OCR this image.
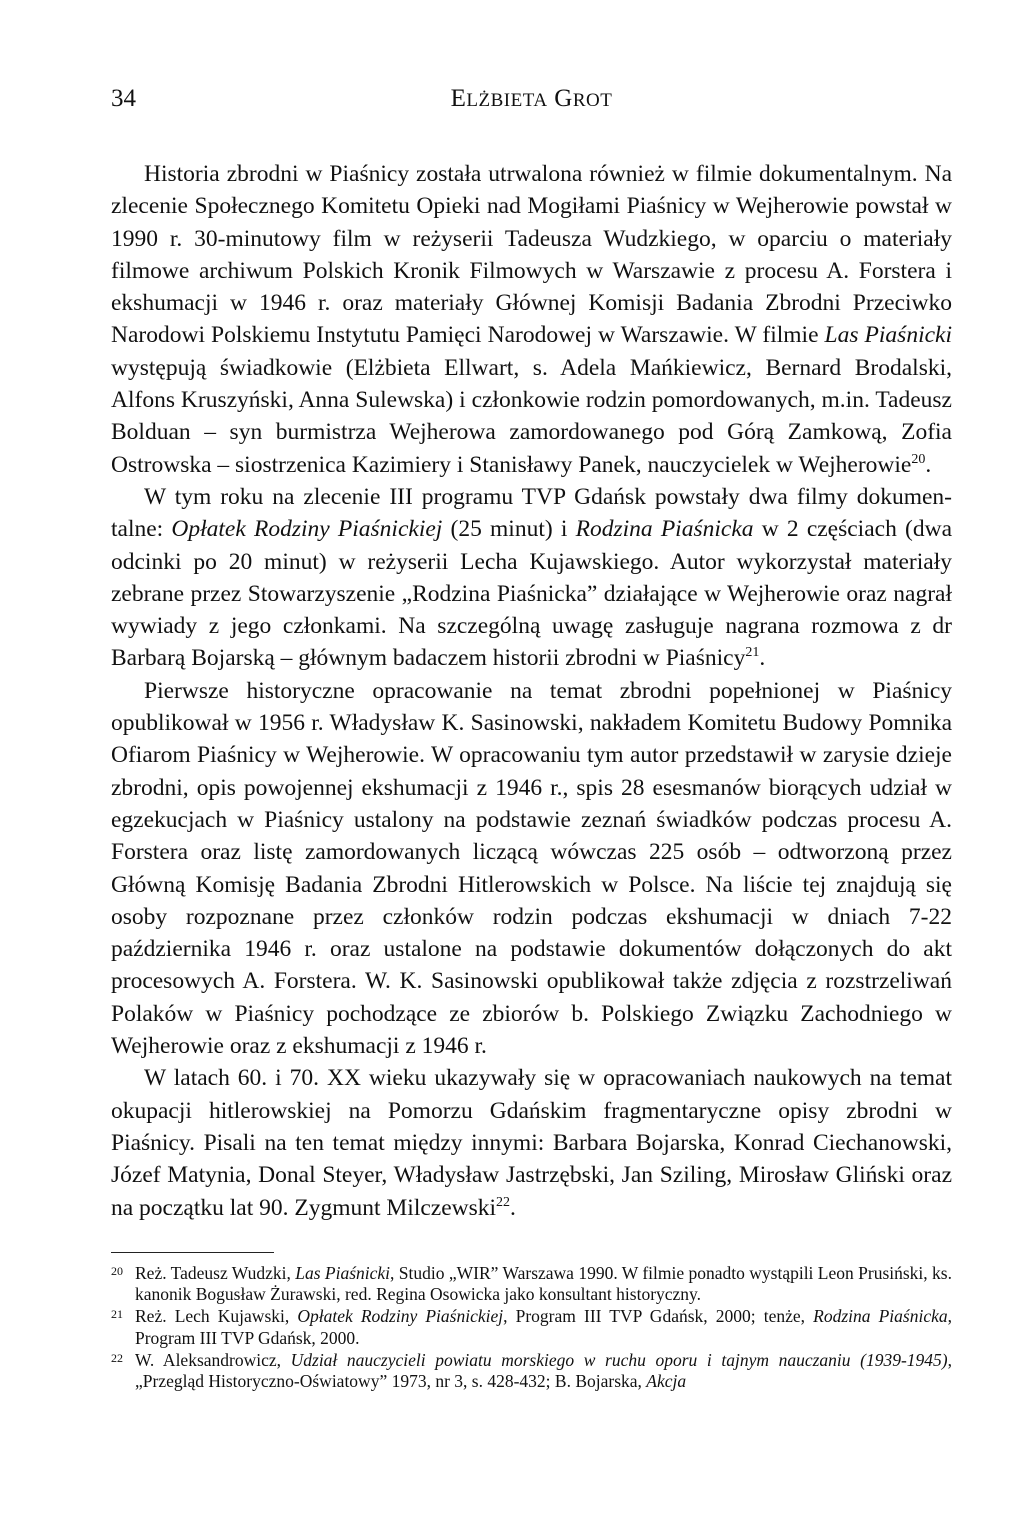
34	ELŻBIETA GROT

Historia zbrodni w Piaśnicy została utrwalona również w filmie dokumentalnym. Na zlecenie Społecznego Komitetu Opieki nad Mogiłami Piaśnicy w Wejherowie powstał w 1990 r. 30-minutowy film w reżyserii Tadeusza Wudzkiego, w oparciu o materiały filmowe archiwum Polskich Kronik Filmowych w Warszawie z procesu A. Forstera i ekshumacji w 1946 r. oraz materiały Głównej Komisji Badania Zbrodni Przeciwko Narodowi Polskiemu Instytutu Pamięci Narodowej w Warszawie. W filmie Las Piaśnicki występują świadkowie (Elżbieta Ellwart, s. Adela Mańkiewicz, Bernard Brodalski, Alfons Kruszyński, Anna Sulewska) i członkowie rodzin pomordowanych, m.in. Tadeusz Bolduan – syn burmistrza Wejherowa zamordowanego pod Górą Zamkową, Zofia Ostrowska – siostrzenica Kazimiery i Stanisławy Panek, nauczycielek w Wejherowie$^{20}$.

W tym roku na zlecenie III programu TVP Gdańsk powstały dwa filmy dokumentalne: Opłatek Rodziny Piaśnickiej (25 minut) i Rodzina Piaśnicka w 2 częściach (dwa odcinki po 20 minut) w reżyserii Lecha Kujawskiego. Autor wykorzystał materiały zebrane przez Stowarzyszenie „Rodzina Piaśnicka” działające w Wejherowie oraz nagrał wywiady z jego członkami. Na szczególną uwagę zasługuje nagrana rozmowa z dr Barbarą Bojarską – głównym badaczem historii zbrodni w Piaśnicy$^{21}$.

Pierwsze historyczne opracowanie na temat zbrodni popełnionej w Piaśnicy opublikował w 1956 r. Władysław K. Sasinowski, nakładem Komitetu Budowy Pomnika Ofiarom Piaśnicy w Wejherowie. W opracowaniu tym autor przedstawił w zarysie dzieje zbrodni, opis powojennej ekshumacji z 1946 r., spis 28 esesmanów biorących udział w egzekucjach w Piaśnicy ustalony na podstawie zeznań świadków podczas procesu A. Forstera oraz listę zamordowanych liczącą wówczas 225 osób – odtworzoną przez Główną Komisję Badania Zbrodni Hitlerowskich w Polsce. Na liście tej znajdują się osoby rozpoznane przez członków rodzin podczas ekshumacji w dniach 7-22 października 1946 r. oraz ustalone na podstawie dokumentów dołączonych do akt procesowych A. Forstera. W. K. Sasinowski opublikował także zdjęcia z rozstrzeliwań Polaków w Piaśnicy pochodzące ze zbiorów b. Polskiego Związku Zachodniego w Wejherowie oraz z ekshumacji z 1946 r.

W latach 60. i 70. XX wieku ukazywały się w opracowaniach naukowych na temat okupacji hitlerowskiej na Pomorzu Gdańskim fragmentaryczne opisy zbrodni w Piaśnicy. Pisali na ten temat między innymi: Barbara Bojarska, Konrad Ciechanowski, Józef Matynia, Donal Steyer, Władysław Jastrzębski, Jan Sziling, Mirosław Gliński oraz na początku lat 90. Zygmunt Milczewski$^{22}$.

20 Reż. Tadeusz Wudzki, Las Piaśnicki, Studio „WIR” Warszawa 1990. W filmie ponadto wystąpili Leon Prusiński, ks. kanonik Bogusław Żurawski, red. Regina Osowicka jako konsultant historyczny.
21 Reż. Lech Kujawski, Opłatek Rodziny Piaśnickiej, Program III TVP Gdańsk, 2000; tenże, Rodzina Piaśnicka, Program III TVP Gdańsk, 2000.
22 W. Aleksandrowicz, Udział nauczycieli powiatu morskiego w ruchu oporu i tajnym nauczaniu (1939-1945), „Przegląd Historyczno-Oświatowy” 1973, nr 3, s. 428-432; B. Bojarska, Akcja
